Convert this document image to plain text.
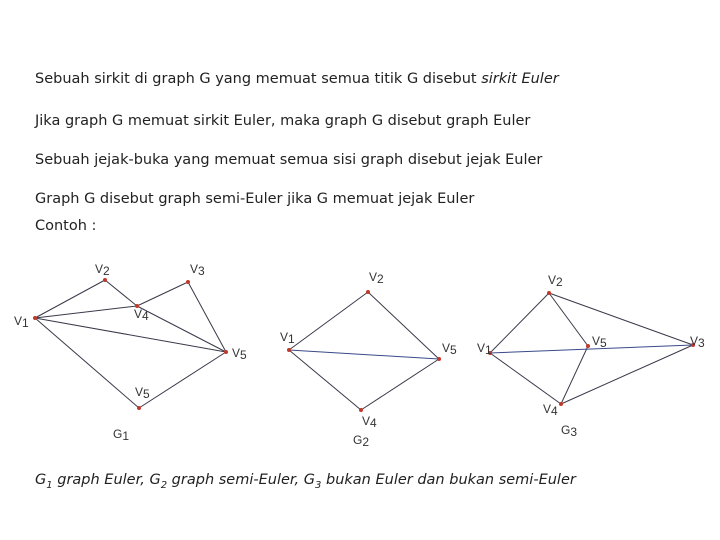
Sebuah sirkit di graph G yang memuat semua titik G disebut sirkit Euler
Jika graph G memuat sirkit Euler, maka graph G disebut graph Euler
Sebuah jejak-buka yang memuat semua sisi graph disebut jejak Euler
Graph G disebut graph semi-Euler jika G memuat jejak Euler
Contoh :
V1
V2	V3
V4
V5
V5
G1
V2
V1
V5
V4
G2
V2
V1
V5	V3
V4
G3
$G_1$ graph Euler, $G_2$ graph semi-Euler, $G_3$ bukan Euler dan bukan semi-Euler
